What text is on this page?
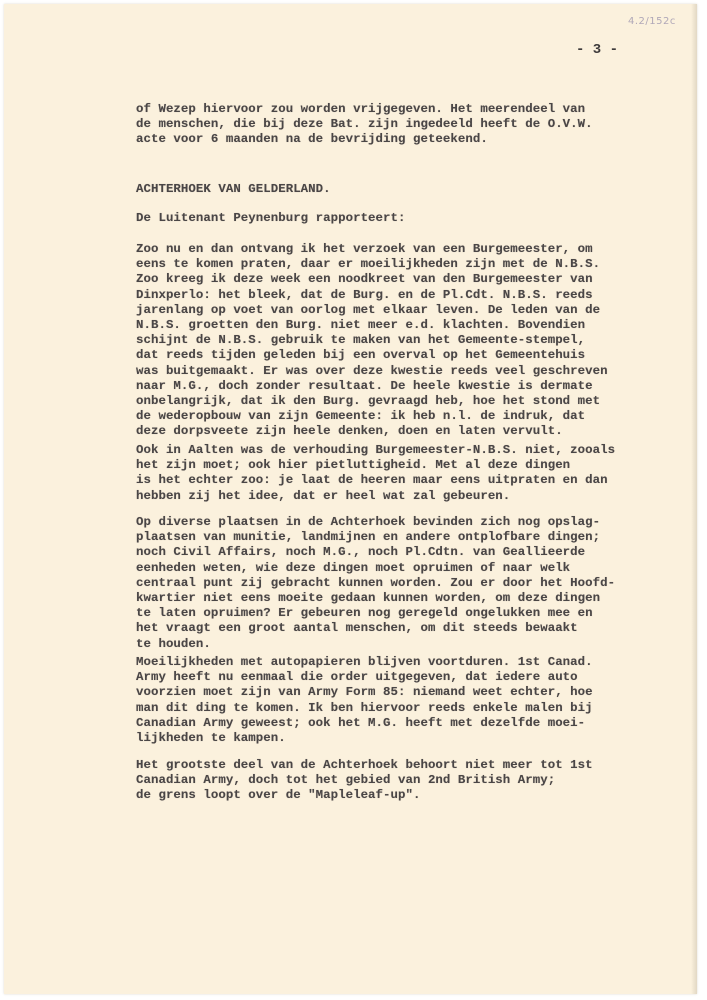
4.2/152c
- 3 -
of Wezep hiervoor zou worden vrijgegeven. Het meerendeel van
de menschen, die bij deze Bat. zijn ingedeeld heeft de O.V.W.
acte voor 6 maanden na de bevrijding geteekend.
ACHTERHOEK VAN GELDERLAND.
De Luitenant Peynenburg rapporteert:
Zoo nu en dan ontvang ik het verzoek van een Burgemeester, om
eens te komen praten, daar er moeilijkheden zijn met de N.B.S.
Zoo kreeg ik deze week een noodkreet van den Burgemeester van
Dinxperlo: het bleek, dat de Burg. en de Pl.Cdt. N.B.S. reeds
jarenlang op voet van oorlog met elkaar leven. De leden van de
N.B.S. groetten den Burg. niet meer e.d. klachten. Bovendien
schijnt de N.B.S. gebruik te maken van het Gemeente-stempel,
dat reeds tijden geleden bij een overval op het Gemeentehuis
was buitgemaakt. Er was over deze kwestie reeds veel geschreven
naar M.G., doch zonder resultaat. De heele kwestie is dermate
onbelangrijk, dat ik den Burg. gevraagd heb, hoe het stond met
de wederopbouw van zijn Gemeente: ik heb n.l. de indruk, dat
deze dorpsveete zijn heele denken, doen en laten vervult.
Ook in Aalten was de verhouding Burgemeester-N.B.S. niet, zooals
het zijn moet; ook hier pietluttigheid. Met al deze dingen
is het echter zoo: je laat de heeren maar eens uitpraten en dan
hebben zij het idee, dat er heel wat zal gebeuren.
Op diverse plaatsen in de Achterhoek bevinden zich nog opslag-
plaatsen van munitie, landmijnen en andere ontplofbare dingen;
noch Civil Affairs, noch M.G., noch Pl.Cdtn. van Geallieerde
eenheden weten, wie deze dingen moet opruimen of naar welk
centraal punt zij gebracht kunnen worden. Zou er door het Hoofd-
kwartier niet eens moeite gedaan kunnen worden, om deze dingen
te laten opruimen? Er gebeuren nog geregeld ongelukken mee en
het vraagt een groot aantal menschen, om dit steeds bewaakt
te houden.
Moeilijkheden met autopapieren blijven voortduren. 1st Canad.
Army heeft nu eenmaal die order uitgegeven, dat iedere auto
voorzien moet zijn van Army Form 85: niemand weet echter, hoe
man dit ding te komen. Ik ben hiervoor reeds enkele malen bij
Canadian Army geweest; ook het M.G. heeft met dezelfde moei-
lijkheden te kampen.
Het grootste deel van de Achterhoek behoort niet meer tot 1st
Canadian Army, doch tot het gebied van 2nd British Army;
de grens loopt over de "Mapleleaf-up".
